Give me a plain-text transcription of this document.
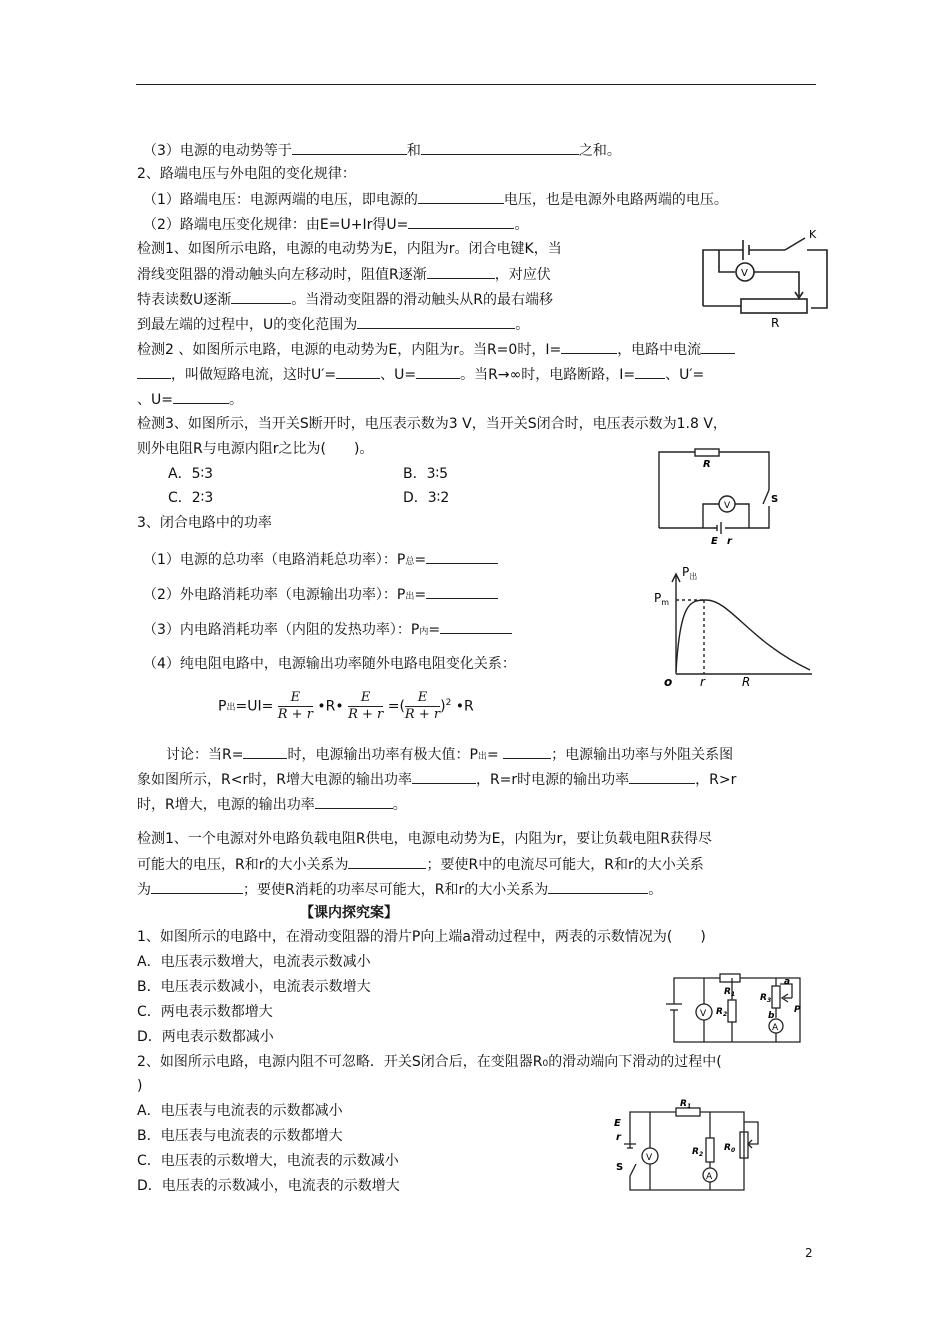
（3）电源的电动势等于	和	之和。
2、路端电压与外电阻的变化规律：
（1）路端电压：电源两端的电压，即电源的	电压，也是电源外电路两端的电压。
（2）路端电压变化规律：由E=U+Ir得U=	。
检测1、如图所示电路，电源的电动势为E，内阻为r。闭合电键K，当
滑线变阻器的滑动触头向左移动时，阻值R逐渐	，对应伏
特表读数U逐渐	。当滑动变阻器的滑动触头从R的最右端移
到最左端的过程中，U的变化范围为	。
检测2 、如图所示电路，电源的电动势为E，内阻为r。当R=0时，I=	，电路中电流
，叫做短路电流，这时U′=	、U=	。当R→∞时，电路断路，I= 、U′=
、U=	。
检测3、如图所示，当开关S断开时，电压表示数为3 V，当开关S闭合时，电压表示数为1.8 V，
则外电阻R与电源内阻r之比为(　　)。
A．5∶3	B．3∶5
C．2∶3	D．3∶2
3、闭合电路中的功率
（1）电源的总功率（电路消耗总功率）：P总=
（2）外电路消耗功率（电源输出功率）：P出=
（3）内电路消耗功率（内阻的发热功率）：P内=
（4）纯电阻电路中，电源输出功率随外电路电阻变化关系：
P出$=UI= \frac{E}{R + r}$ •R• $\frac{E}{R + r}$ =( $\frac{E}{R + r} )^2$ •R
讨论：当R=	时，电源输出功率有极大值：P出=	；电源输出功率与外阻关系图
象如图所示，R<r时，R增大电源的输出功率	，R=r时电源的输出功率	，R>r
时，R增大，电源的输出功率	。
检测1、一个电源对外电路负载电阻R供电，电源电动势为E，内阻为r，要让负载电阻R获得尽
可能大的电压，R和r的大小关系为	；要使R中的电流尽可能大，R和r的大小关系
为	；要使R消耗的功率尽可能大，R和r的大小关系为	。
【课内探究案】
1、如图所示的电路中，在滑动变阻器的滑片P向上端a滑动过程中，两表的示数情况为(　　)
A．电压表示数增大，电流表示数减小
B．电压表示数减小，电流表示数增大
C．两电表示数都增大
D．两电表示数都减小
2、如图所示电路，电源内阻不可忽略．开关S闭合后，在变阻器R0的滑动端向下滑动的过程中(
)
A．电压表与电流表的示数都减小
B．电压表与电流表的示数都增大
C．电压表的示数增大，电流表的示数减小
D．电压表的示数减小，电流表的示数增大
2
V
K
R
R
V
S
E r
$P_出$
$P_m$
o r	R
$R_1$
$R_2$
$R_3$
a
b
P
V
A
E
r
S
$R_1$
$R_2$
$R_0$
V
A
